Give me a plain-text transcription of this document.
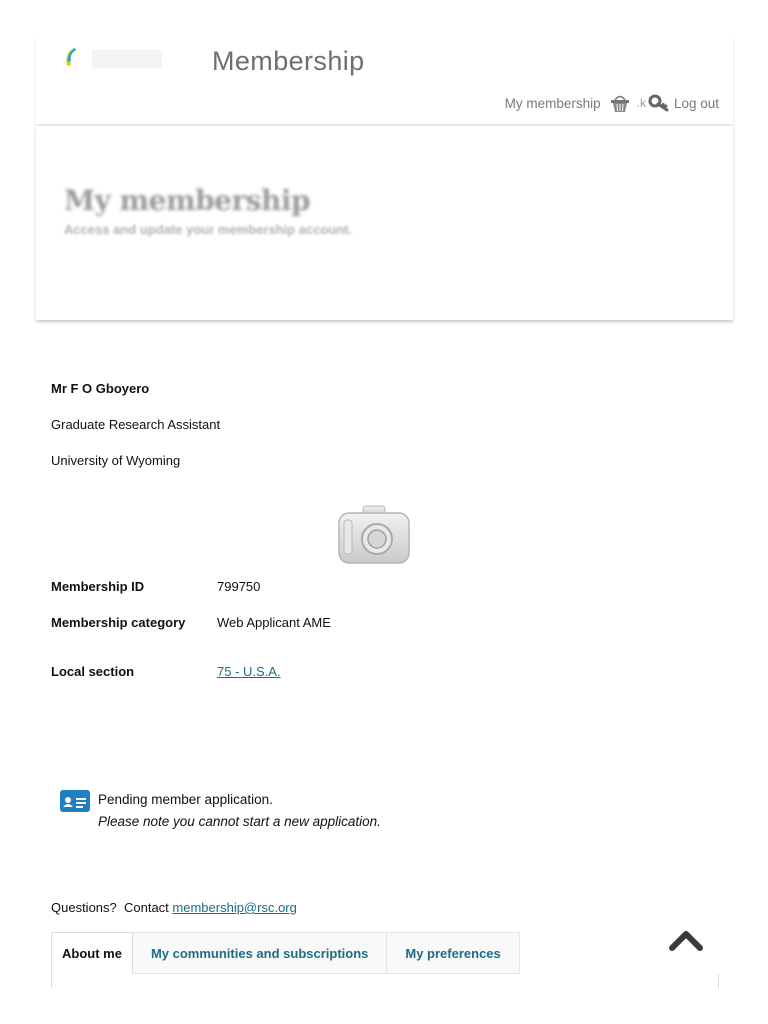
Membership
My membership	.k Log out
My membership

Access and update your membership account.

Mr F O Gboyero
Graduate Research Assistant
University of Wyoming
Membership ID	799750
Membership category	Web Applicant AME
Local section	75 - U.S.A.
Pending member application.
Please note you cannot start a new application.
Questions?  Contact membership@rsc.org
About me	My communities and subscriptions	My preferences
